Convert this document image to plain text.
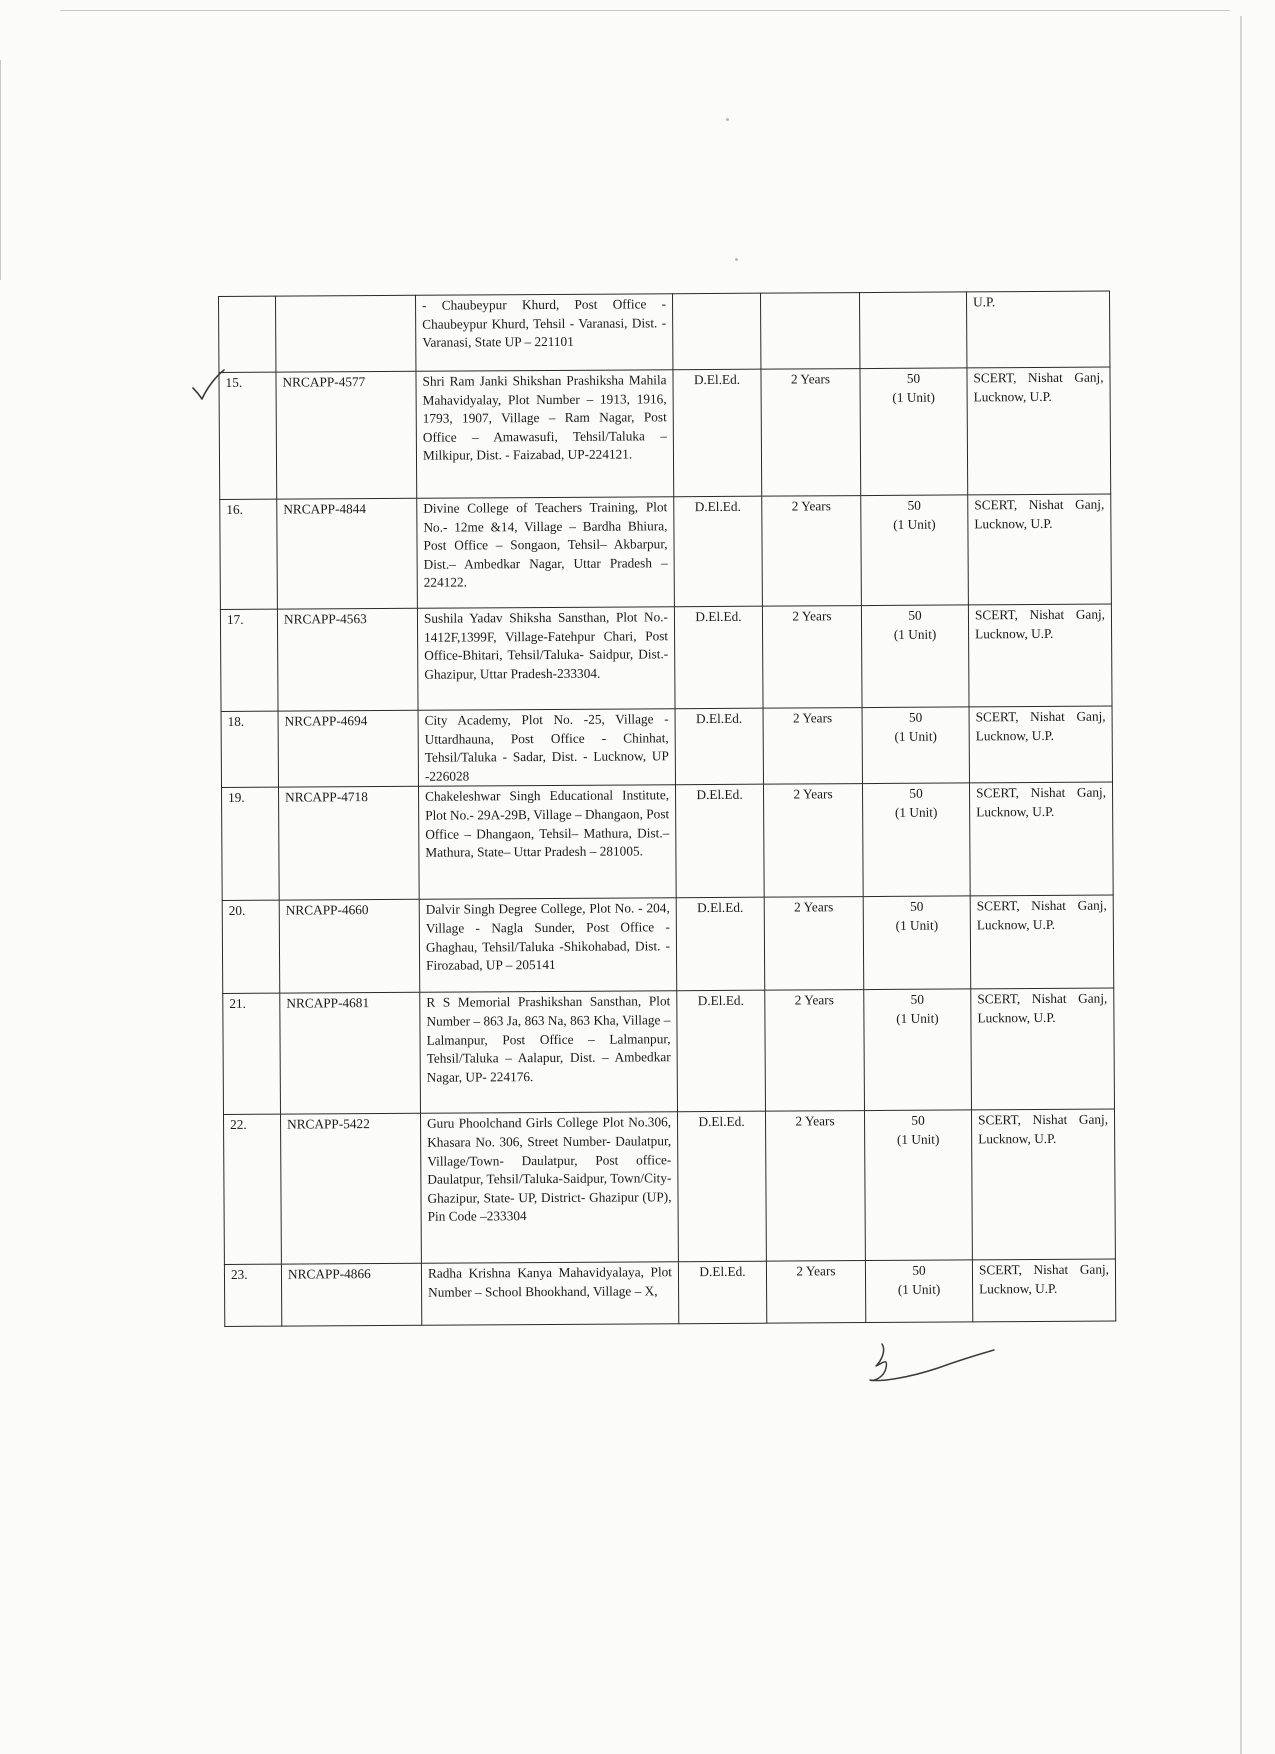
		- Chaubeypur Khurd, Post Office - Chaubeypur Khurd, Tehsil - Varanasi, Dist. - Varanasi, State UP – 221101				U.P.
15.	NRCAPP-4577	Shri Ram Janki Shikshan Prashiksha Mahila Mahavidyalay, Plot Number – 1913, 1916, 1793, 1907, Village – Ram Nagar, Post Office – Amawasufi, Tehsil/Taluka – Milkipur, Dist. - Faizabad, UP-224121.	D.El.Ed.	2 Years	50
(1 Unit)	SCERT, Nishat Ganj, Lucknow, U.P.
16.	NRCAPP-4844	Divine College of Teachers Training, Plot No.- 12me &14, Village – Bardha Bhiura, Post Office – Songaon, Tehsil– Akbarpur, Dist.– Ambedkar Nagar, Uttar Pradesh – 224122.	D.El.Ed.	2 Years	50
(1 Unit)	SCERT, Nishat Ganj, Lucknow, U.P.
17.	NRCAPP-4563	Sushila Yadav Shiksha Sansthan, Plot No.- 1412F,1399F, Village-Fatehpur Chari, Post Office-Bhitari, Tehsil/Taluka- Saidpur, Dist.- Ghazipur, Uttar Pradesh-233304.	D.El.Ed.	2 Years	50
(1 Unit)	SCERT, Nishat Ganj, Lucknow, U.P.
18.	NRCAPP-4694	City Academy, Plot No. -25, Village - Uttardhauna, Post Office - Chinhat, Tehsil/Taluka - Sadar, Dist. - Lucknow, UP -226028	D.El.Ed.	2 Years	50
(1 Unit)	SCERT, Nishat Ganj, Lucknow, U.P.
19.	NRCAPP-4718	Chakeleshwar Singh Educational Institute, Plot No.- 29A-29B, Village – Dhangaon, Post Office – Dhangaon, Tehsil– Mathura, Dist.– Mathura, State– Uttar Pradesh – 281005.	D.El.Ed.	2 Years	50
(1 Unit)	SCERT, Nishat Ganj, Lucknow, U.P.
20.	NRCAPP-4660	Dalvir Singh Degree College, Plot No. - 204, Village - Nagla Sunder, Post Office - Ghaghau, Tehsil/Taluka -Shikohabad, Dist. - Firozabad, UP – 205141	D.El.Ed.	2 Years	50
(1 Unit)	SCERT, Nishat Ganj, Lucknow, U.P.
21.	NRCAPP-4681	R S Memorial Prashikshan Sansthan, Plot Number – 863 Ja, 863 Na, 863 Kha, Village – Lalmanpur, Post Office – Lalmanpur, Tehsil/Taluka – Aalapur, Dist. – Ambedkar Nagar, UP- 224176.	D.El.Ed.	2 Years	50
(1 Unit)	SCERT, Nishat Ganj, Lucknow, U.P.
22.	NRCAPP-5422	Guru Phoolchand Girls College Plot No.306, Khasara No. 306, Street Number- Daulatpur, Village/Town- Daulatpur, Post office- Daulatpur, Tehsil/Taluka-Saidpur, Town/City- Ghazipur, State- UP, District- Ghazipur (UP), Pin Code –233304	D.El.Ed.	2 Years	50
(1 Unit)	SCERT, Nishat Ganj, Lucknow, U.P.
23.	NRCAPP-4866	Radha Krishna Kanya Mahavidyalaya, Plot Number – School Bhookhand, Village – X,	D.El.Ed.	2 Years	50
(1 Unit)	SCERT, Nishat Ganj, Lucknow, U.P.
